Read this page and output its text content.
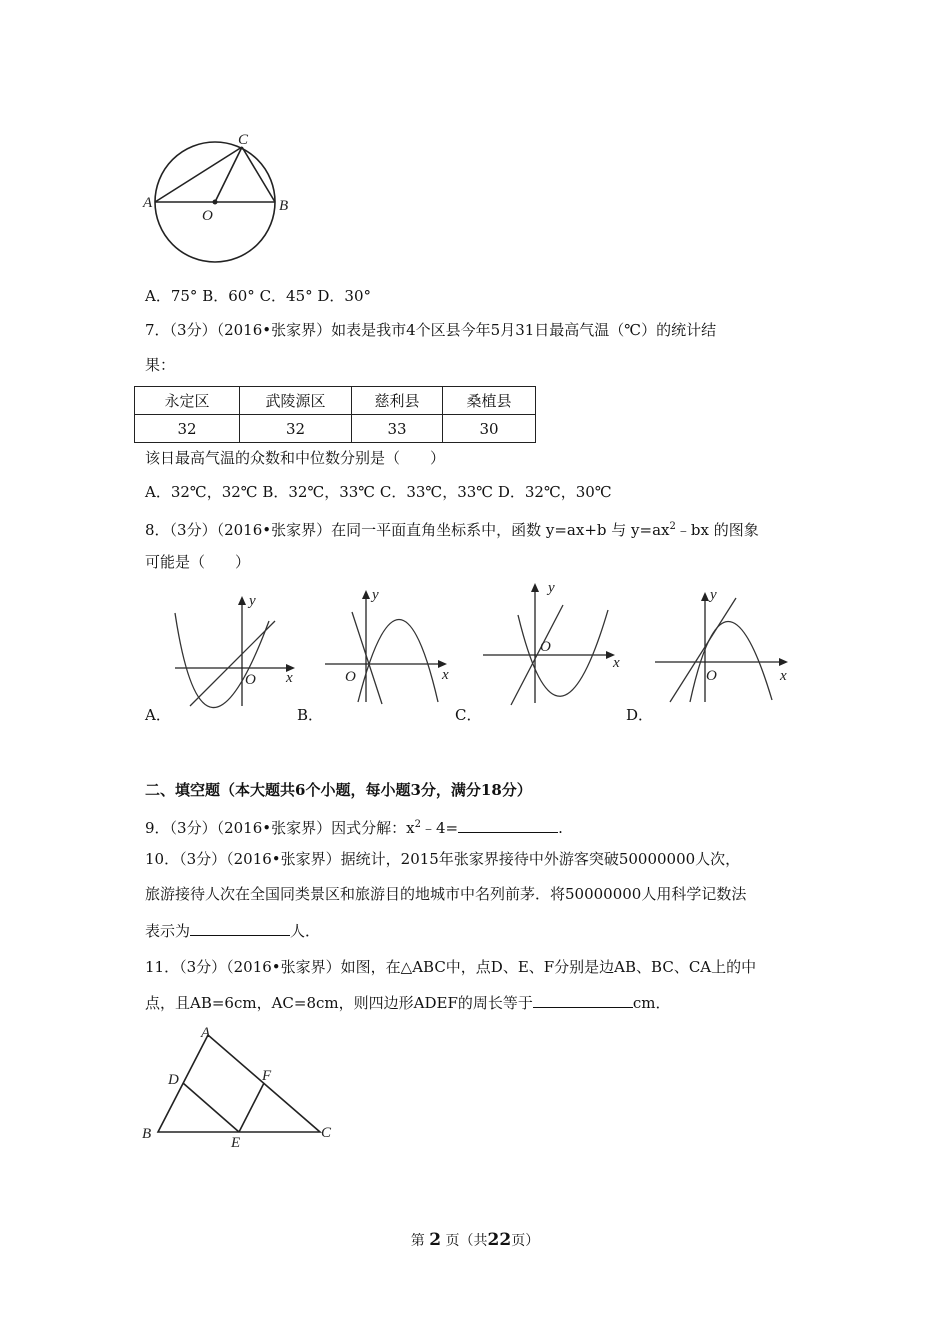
A	B
C
O
A．75° B．60° C．45° D．30°
7．（3分）（2016•张家界）如表是我市4个区县今年5月31日最高气温（℃）的统计结
果：
永定区	武陵源区	慈利县	桑植县
32	32	33	30
该日最高气温的众数和中位数分别是（　　）
A．32℃，32℃ B．32℃，33℃ C．33℃，33℃ D．32℃，30℃
8．（3分）（2016•张家界）在同一平面直角坐标系中，函数 y=ax+b 与 $y=ax^2﹣bx$ 的图象
可能是（　　）
y
x
O
A．
y
x
O
B．
y
x
O
C．
y
x
O
D．
二、填空题（本大题共6个小题，每小题3分，满分18分）
9．（3分）（2016•张家界）因式分解：$x^2﹣4=$	.
10．（3分）（2016•张家界）据统计，2015年张家界接待中外游客突破50000000人次，
旅游接待人次在全国同类景区和旅游目的地城市中名列前茅．将50000000人用科学记数法
表示为	人．
11．（3分）（2016•张家界）如图，在△ABC中，点D、E、F分别是边AB、BC、CA上的中
点，且AB=6cm，AC=8cm，则四边形ADEF的周长等于	cm．
A
B	C
D
E
F
第 2 页（共22页）
